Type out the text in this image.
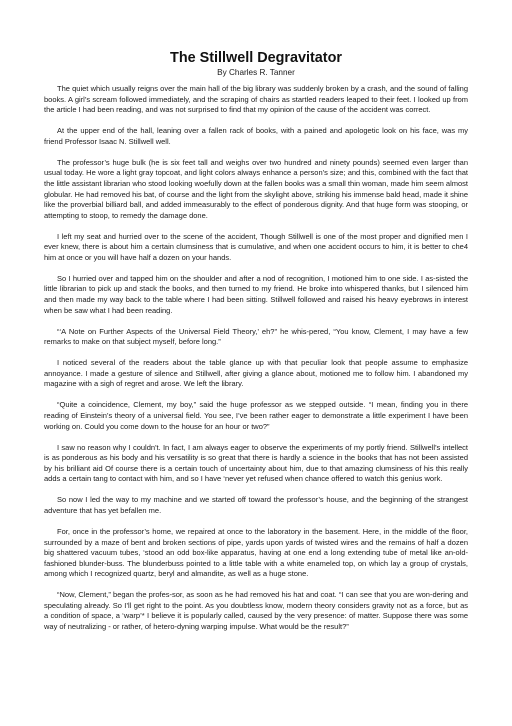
The Stillwell Degravitator
By Charles R. Tanner

The quiet which usually reigns over the main hall of the big library was suddenly broken by a crash, and the sound of falling books. A girl’s scream followed immediately, and the scraping of chairs as startled readers leaped to their feet. I looked up from the article I had been reading, and was not surprised to find that my opinion of the cause of the accident was correct.

At the upper end of the hall, leaning over a fallen rack of books, with a pained and apologetic look on his face, was my friend Professor Isaac N. Stillwell well.

The professor’s huge bulk (he is six feet tall and weighs over two hundred and ninety pounds) seemed even larger than usual today. He wore a light gray topcoat, and light colors always enhance a person’s size; and this, combined with the fact that the little assistant librarian who stood looking woefully down at the fallen books was a small thin woman, made him seem almost globular. He had removed his bat, of course and the light from the skylight above, striking his immense bald head, made it shine like the proverbial billiard ball, and added immeasurably to the effect of ponderous dignity. And that huge form was stooping, or attempting to stoop, to remedy the damage done.

I left my seat and hurried over to the scene of the accident, Though Stillwell is one of the most proper and dignified men I ever knew, there is about him a certain clumsiness that is cumulative, and when one accident occurs to him, it is better to che4 him at once or you will have half a dozen on your hands.

So I hurried over and tapped him on the shoulder and after a nod of recognition, I motioned him to one side. I as-sisted the little librarian to pick up and stack the books, and then turned to my friend. He broke into whispered thanks, but I silenced him and then made my way back to the table where I had been sitting. Stillwell followed and raised his heavy eyebrows in interest when be saw what I had been reading.

“‘A Note on Further Aspects of the Universal Field Theory,’ eh?” he whis-pered, “You know, Clement, I may have a few remarks to make on that subject myself, before long.”

I noticed several of the readers about the table glance up with that peculiar look that people assume to emphasize annoyance. I made a gesture of silence and Stillwell, after giving a glance about, motioned me to follow him. I abandoned my magazine with a sigh of regret and arose. We left the library.

“Quite a coincidence, Clement, my boy,” said the huge professor as we stepped outside. “I mean, finding you in there reading of Einstein’s theory of a universal field. You see, I’ve been rather eager to demonstrate a little experiment I have been working on. Could you come down to the house for an hour or two?”

I saw no reason why I couldn't. In fact, I am always eager to observe the experiments of my portly friend. Stillwell’s intellect is as ponderous as his body and his versatility is so great that there is hardly a science in the books that has not been assisted by his brilliant aid Of course there is a certain touch of uncertainty about him, due to that amazing clumsiness of his this really adds a certain tang to contact with him, and so I have ‘never yet refused when chance offered to watch this genius work.

So now I led the way to my machine and we started off toward the professor’s house, and the beginning of the strangest adventure that has yet befallen me.

For, once in the professor’s home, we repaired at once to the laboratory in the basement. Here, in the middle of the floor, surrounded by a maze of bent and broken sections of pipe, yards upon yards of twisted wires and the remains of half a dozen big shattered vacuum tubes, ‘stood an odd box-like apparatus, having at one end a long extending tube of metal like an-old-fashioned blunder-buss. The blunderbuss pointed to a little table with a white enameled top, on which lay a group of crystals, among which I recognized quartz, beryl and almandite, as well as a huge stone.

“Now, Clement,” began the profes-sor, as soon as he had removed his hat and coat. “I can see that you are won-dering and speculating already. So I’ll get right to the point. As you doubtless know, modern theory considers gravity not as a force, but as a condition of space, a ‘warp’* I believe it is popularly called, caused by the very presence: of matter. Suppose there was some way of neutralizing - or rather, of hetero-dyning warping impulse. What would be the result?”
